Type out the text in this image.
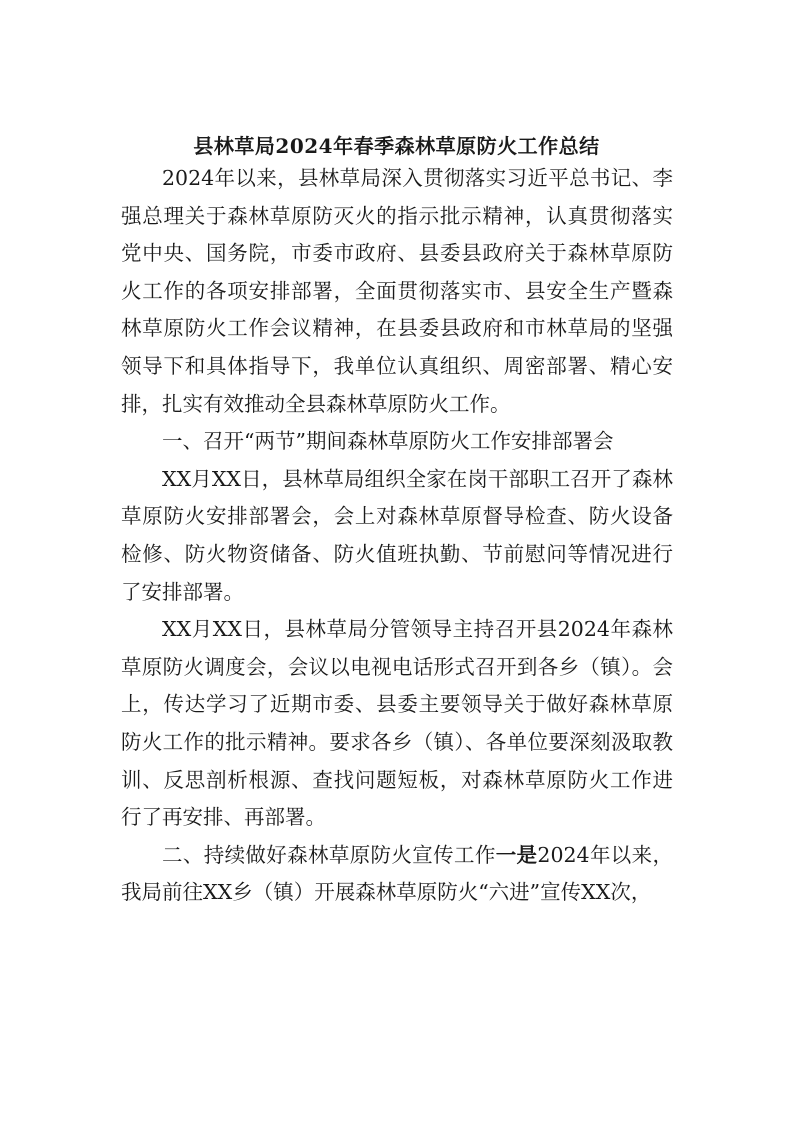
县林草局2024年春季森林草原防火工作总结

2024年以来，县林草局深入贯彻落实习近平总书记、李强总理关于森林草原防灭火的指示批示精神，认真贯彻落实党中央、国务院，市委市政府、县委县政府关于森林草原防火工作的各项安排部署，全面贯彻落实市、县安全生产暨森林草原防火工作会议精神，在县委县政府和市林草局的坚强领导下和具体指导下，我单位认真组织、周密部署、精心安排，扎实有效推动全县森林草原防火工作。

一、召开“两节”期间森林草原防火工作安排部署会

XX月XX日，县林草局组织全家在岗干部职工召开了森林草原防火安排部署会，会上对森林草原督导检查、防火设备检修、防火物资储备、防火值班执勤、节前慰问等情况进行了安排部署。

XX月XX日，县林草局分管领导主持召开县2024年森林草原防火调度会，会议以电视电话形式召开到各乡（镇）。会上，传达学习了近期市委、县委主要领导关于做好森林草原防火工作的批示精神。要求各乡（镇）、各单位要深刻汲取教训、反思剖析根源、查找问题短板，对森林草原防火工作进行了再安排、再部署。

二、持续做好森林草原防火宣传工作一是2024年以来，我局前往XX乡（镇）开展森林草原防火“六进”宣传XX次，
